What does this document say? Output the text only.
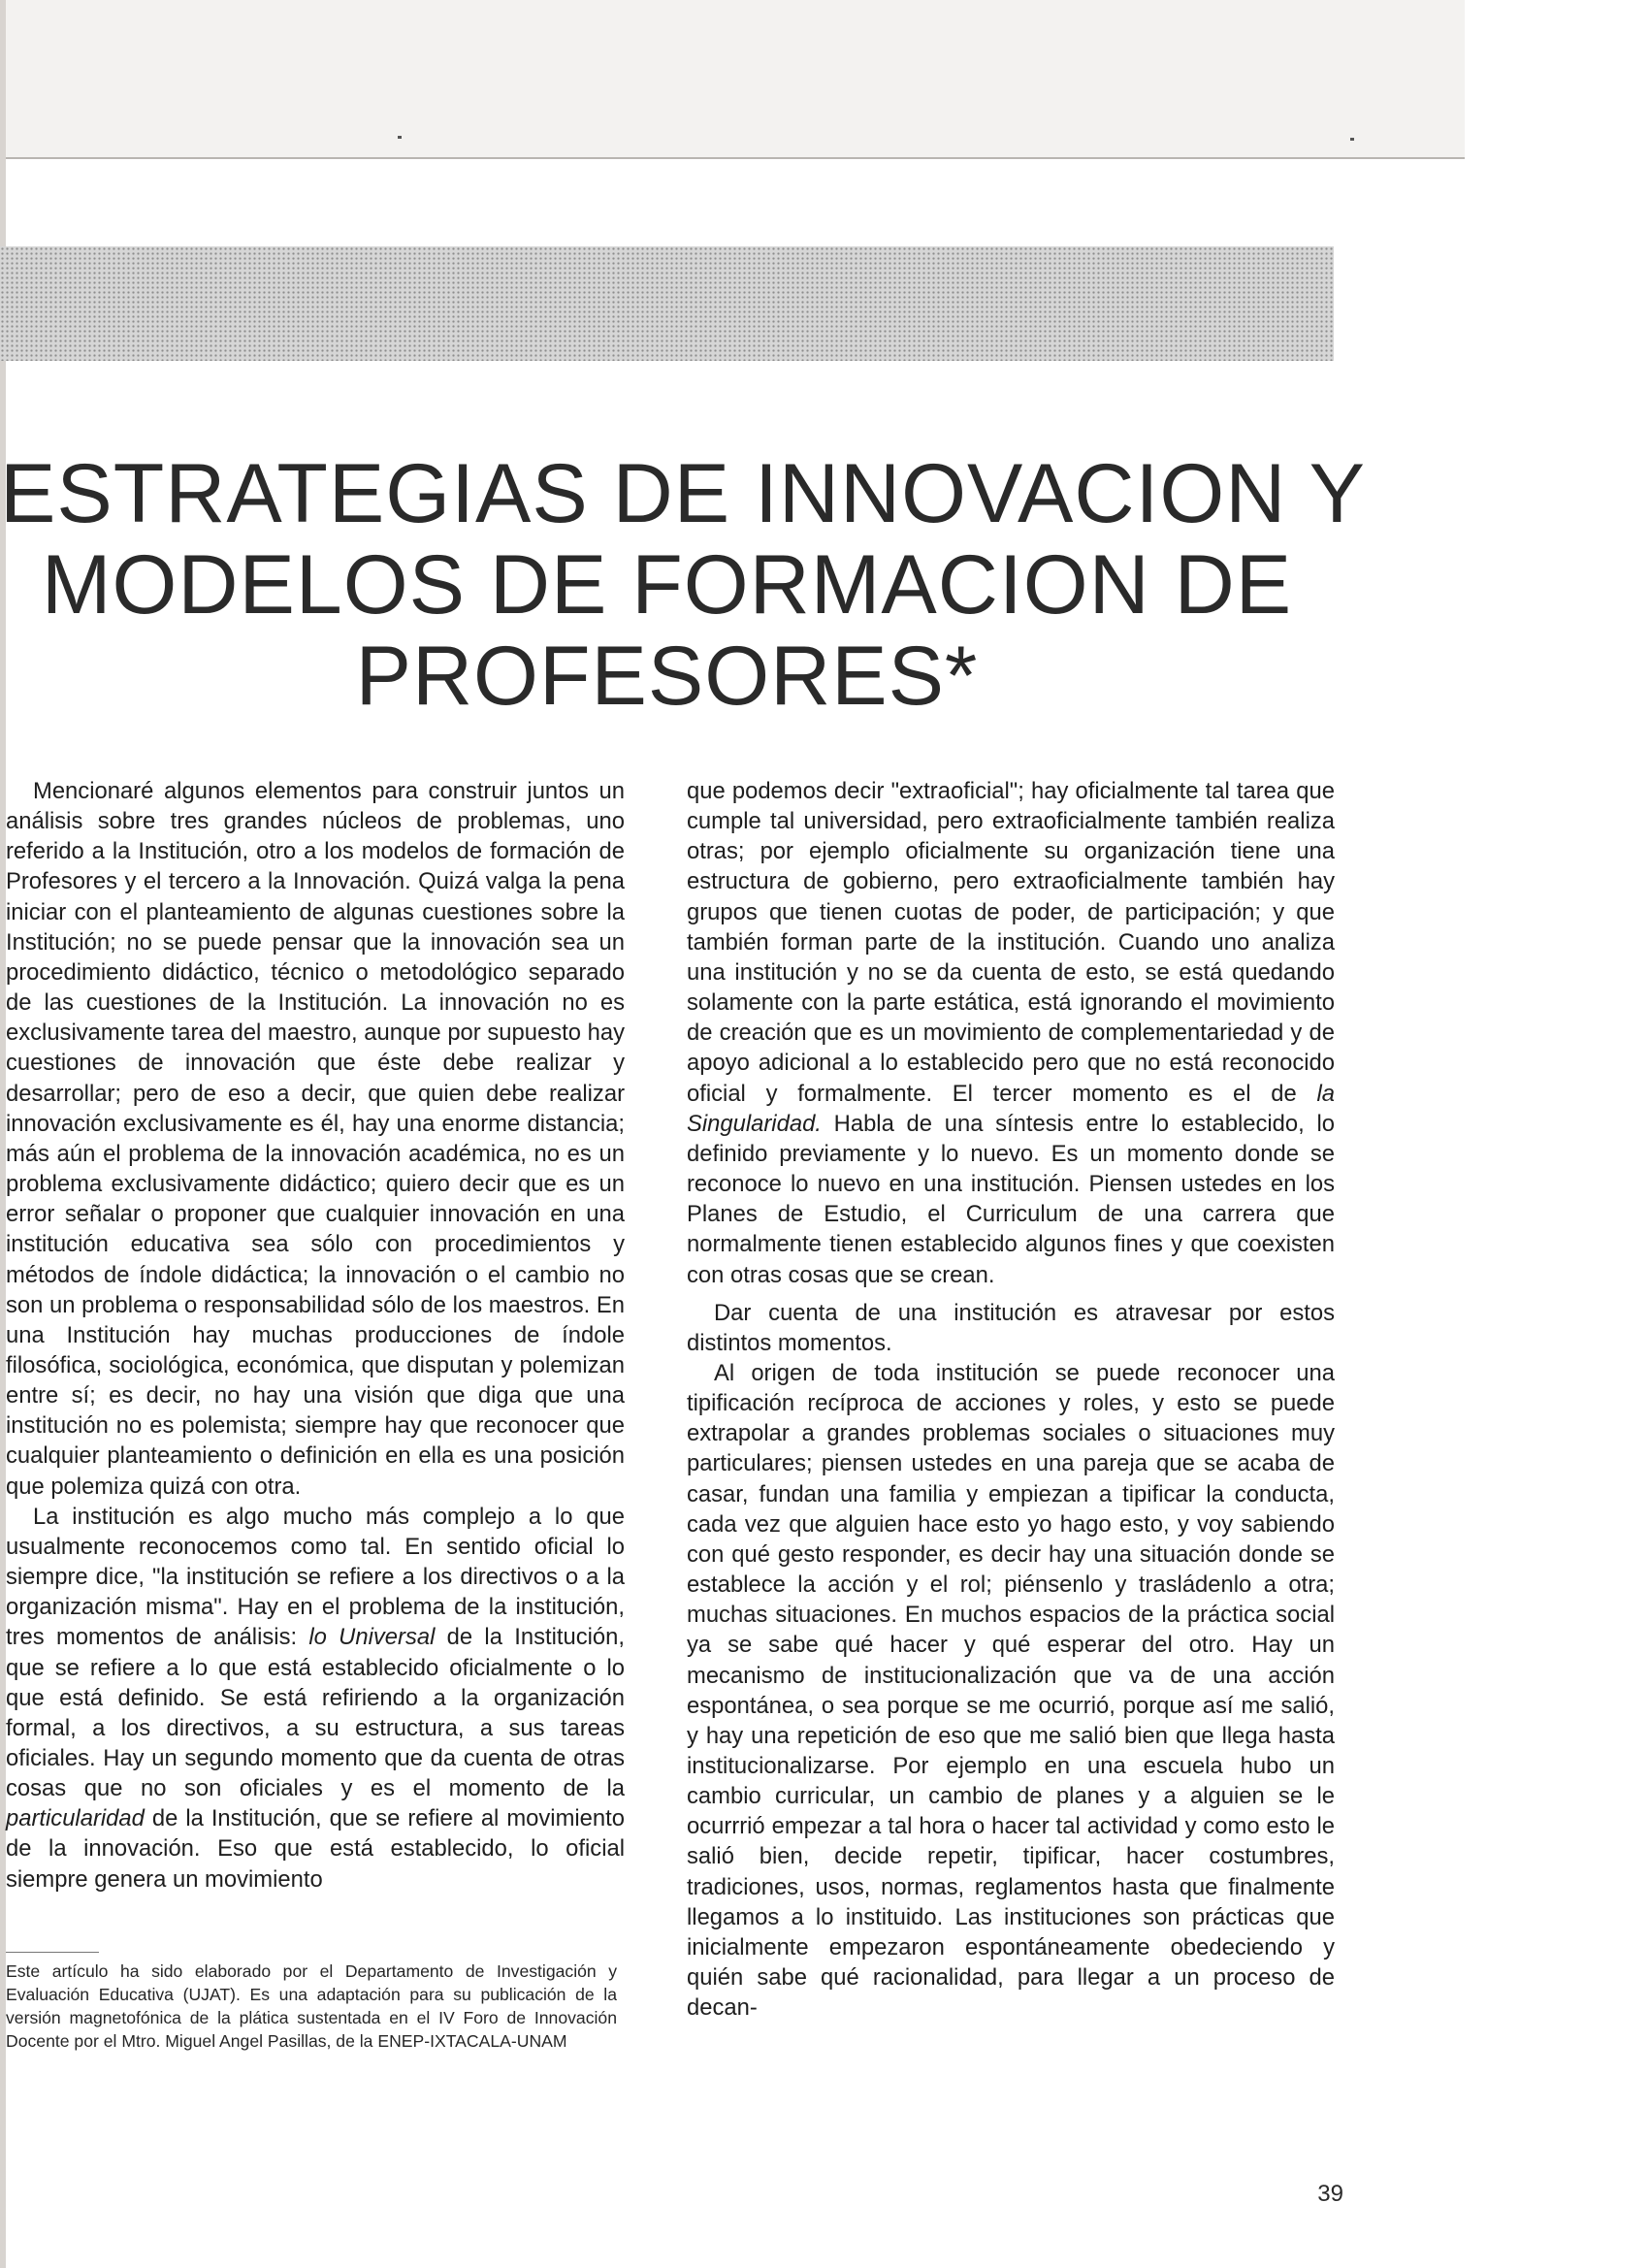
ESTRATEGIAS DE INNOVACION Y
MODELOS DE FORMACION DE
PROFESORES*

Mencionaré algunos elementos para construir juntos un análisis sobre tres grandes núcleos de problemas, uno referido a la Institución, otro a los modelos de formación de Profesores y el tercero a la Innovación. Quizá valga la pena iniciar con el planteamiento de algunas cuestiones sobre la Institución; no se puede pensar que la innovación sea un procedimiento didáctico, técnico o metodológico separado de las cuestiones de la Institución. La innovación no es exclusivamente tarea del maestro, aunque por supuesto hay cuestiones de innovación que éste debe realizar y desarrollar; pero de eso a decir, que quien debe realizar innovación exclusivamente es él, hay una enorme distancia; más aún el problema de la innovación académica, no es un problema exclusivamente didáctico; quiero decir que es un error señalar o proponer que cualquier innovación en una institución educativa sea sólo con procedimientos y métodos de índole didáctica; la innovación o el cambio no son un problema o responsabilidad sólo de los maestros. En una Institución hay muchas producciones de índole filosófica, sociológica, económica, que disputan y polemizan entre sí; es decir, no hay una visión que diga que una institución no es polemista; siempre hay que reconocer que cualquier planteamiento o definición en ella es una posición que polemiza quizá con otra.

La institución es algo mucho más complejo a lo que usualmente reconocemos como tal. En sentido oficial lo siempre dice, "la institución se refiere a los directivos o a la organización misma". Hay en el problema de la institución, tres momentos de análisis: lo Universal de la Institución, que se refiere a lo que está establecido oficialmente o lo que está definido. Se está refiriendo a la organización formal, a los directivos, a su estructura, a sus tareas oficiales. Hay un segundo momento que da cuenta de otras cosas que no son oficiales y es el momento de la particularidad de la Institución, que se refiere al movimiento de la innovación. Eso que está establecido, lo oficial siempre genera un movimiento

que podemos decir "extraoficial"; hay oficialmente tal tarea que cumple tal universidad, pero extraoficialmente también realiza otras; por ejemplo oficialmente su organización tiene una estructura de gobierno, pero extraoficialmente también hay grupos que tienen cuotas de poder, de participación; y que también forman parte de la institución. Cuando uno analiza una institución y no se da cuenta de esto, se está quedando solamente con la parte estática, está ignorando el movimiento de creación que es un movimiento de complementariedad y de apoyo adicional a lo establecido pero que no está reconocido oficial y formalmente. El tercer momento es el de la Singularidad. Habla de una síntesis entre lo establecido, lo definido previamente y lo nuevo. Es un momento donde se reconoce lo nuevo en una institución. Piensen ustedes en los Planes de Estudio, el Curriculum de una carrera que normalmente tienen establecido algunos fines y que coexisten con otras cosas que se crean.

Dar cuenta de una institución es atravesar por estos distintos momentos.

Al origen de toda institución se puede reconocer una tipificación recíproca de acciones y roles, y esto se puede extrapolar a grandes problemas sociales o situaciones muy particulares; piensen ustedes en una pareja que se acaba de casar, fundan una familia y empiezan a tipificar la conducta, cada vez que alguien hace esto yo hago esto, y voy sabiendo con qué gesto responder, es decir hay una situación donde se establece la acción y el rol; piénsenlo y trasládenlo a otra; muchas situaciones. En muchos espacios de la práctica social ya se sabe qué hacer y qué esperar del otro. Hay un mecanismo de institucionalización que va de una acción espontánea, o sea porque se me ocurrió, porque así me salió, y hay una repetición de eso que me salió bien que llega hasta institucionalizarse. Por ejemplo en una escuela hubo un cambio curricular, un cambio de planes y a alguien se le ocurrrió empezar a tal hora o hacer tal actividad y como esto le salió bien, decide repetir, tipificar, hacer costumbres, tradiciones, usos, normas, reglamentos hasta que finalmente llegamos a lo instituido. Las instituciones son prácticas que inicialmente empezaron espontáneamente obedeciendo y quién sabe qué racionalidad, para llegar a un proceso de decan-

Este artículo ha sido elaborado por el Departamento de Investigación y Evaluación Educativa (UJAT). Es una adaptación para su publicación de la versión magnetofónica de la plática sustentada en el IV Foro de Innovación Docente por el Mtro. Miguel Angel Pasillas, de la ENEP-IXTACALA-UNAM
39
